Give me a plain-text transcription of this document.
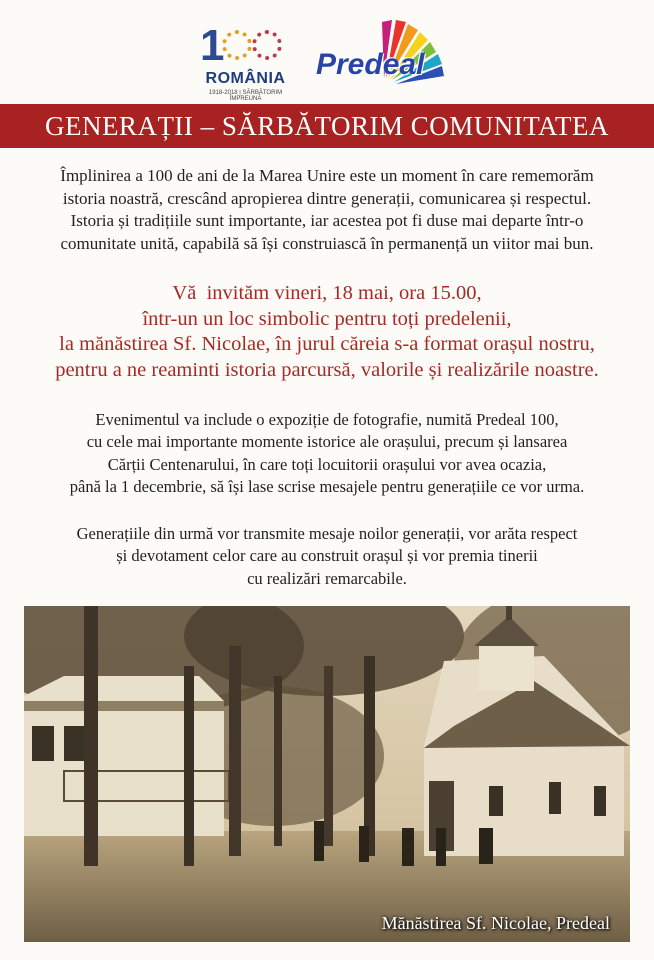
1
ROMÂNIA
1918-2018 | SĂRBĂTORIM ÎMPREUNĂ
Predeal
GENERAȚII – SĂRBĂTORIM COMUNITATEA
Împlinirea a 100 de ani de la Marea Unire este un moment în care rememorăm
istoria noastră, crescând apropierea dintre generații, comunicarea și respectul.
Istoria și tradițiile sunt importante, iar acestea pot fi duse mai departe într-o
comunitate unită, capabilă să își construiască în permanență un viitor mai bun.
Vă  invităm vineri, 18 mai, ora 15.00,
într-un un loc simbolic pentru toți predelenii,
la mănăstirea Sf. Nicolae, în jurul căreia s-a format orașul nostru,
pentru a ne reaminti istoria parcursă, valorile și realizările noastre.
Evenimentul va include o expoziție de fotografie, numită Predeal 100,
cu cele mai importante momente istorice ale orașului, precum și lansarea
Cărții Centenarului, în care toți locuitorii orașului vor avea ocazia,
până la 1 decembrie, să își lase scrise mesajele pentru generațiile ce vor urma.
Generațiile din urmă vor transmite mesaje noilor generații, vor arăta respect
și devotament celor care au construit orașul și vor premia tinerii
cu realizări remarcabile.
Mănăstirea Sf. Nicolae, Predeal
